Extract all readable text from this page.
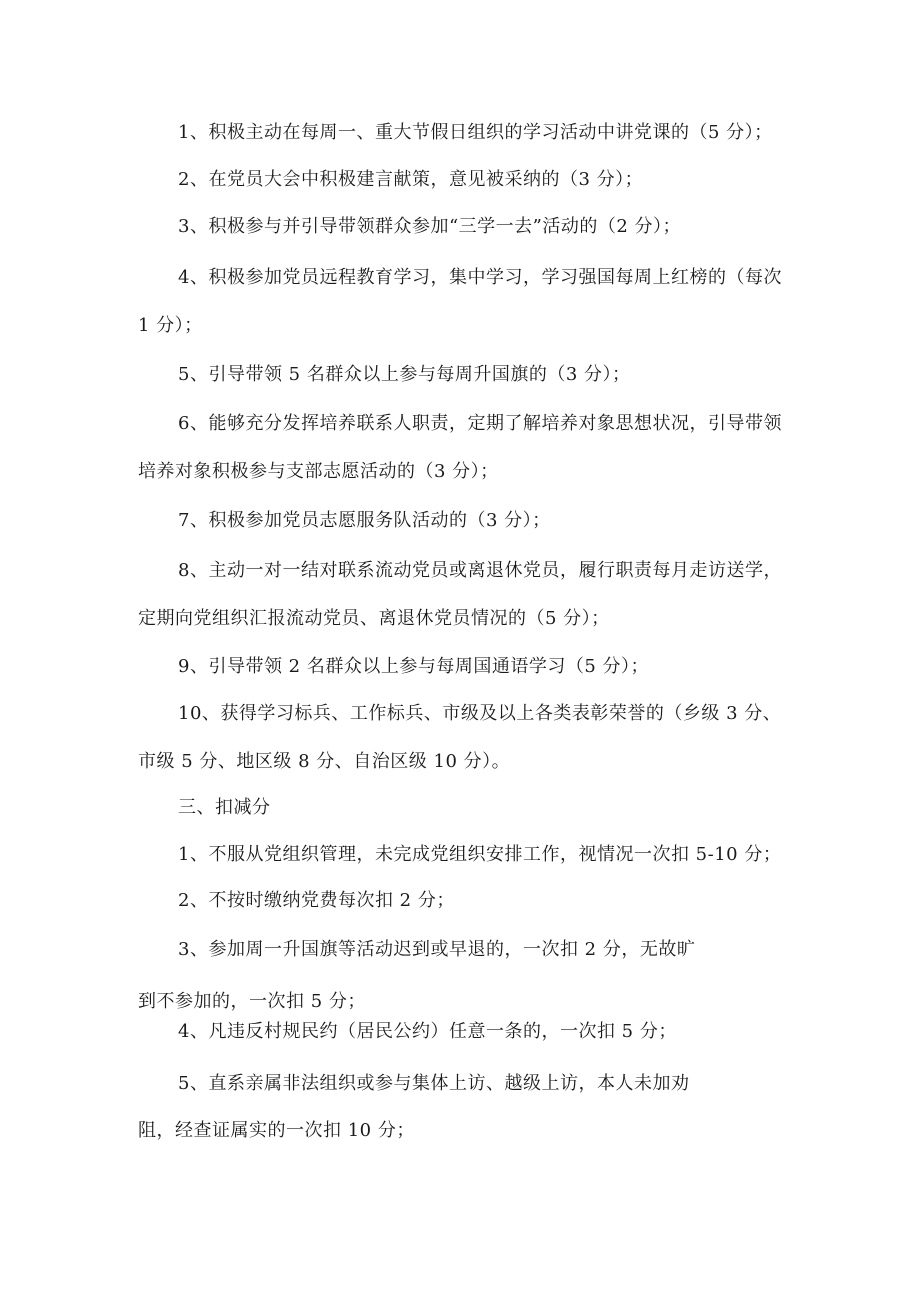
1、积极主动在每周一、重大节假日组织的学习活动中讲党课的（5 分）；
2、在党员大会中积极建言献策，意见被采纳的（3 分）；
3、积极参与并引导带领群众参加“三学一去”活动的（2 分）；
4、积极参加党员远程教育学习，集中学习，学习强国每周上红榜的（每次
1 分）；
5、引导带领 5 名群众以上参与每周升国旗的（3 分）；
6、能够充分发挥培养联系人职责，定期了解培养对象思想状况，引导带领
培养对象积极参与支部志愿活动的（3 分）；
7、积极参加党员志愿服务队活动的（3 分）；
8、主动一对一结对联系流动党员或离退休党员，履行职责每月走访送学，
定期向党组织汇报流动党员、离退休党员情况的（5 分）；
9、引导带领 2 名群众以上参与每周国通语学习（5 分）；
10、获得学习标兵、工作标兵、市级及以上各类表彰荣誉的（乡级 3 分、
市级 5 分、地区级 8 分、自治区级 10 分）。
三、扣减分
1、不服从党组织管理，未完成党组织安排工作，视情况一次扣 5-10 分；
2、不按时缴纳党费每次扣 2 分；
3、参加周一升国旗等活动迟到或早退的，一次扣 2 分，无故旷
到不参加的，一次扣 5 分；
4、凡违反村规民约（居民公约）任意一条的，一次扣 5 分；
5、直系亲属非法组织或参与集体上访、越级上访，本人未加劝
阻，经查证属实的一次扣 10 分；
